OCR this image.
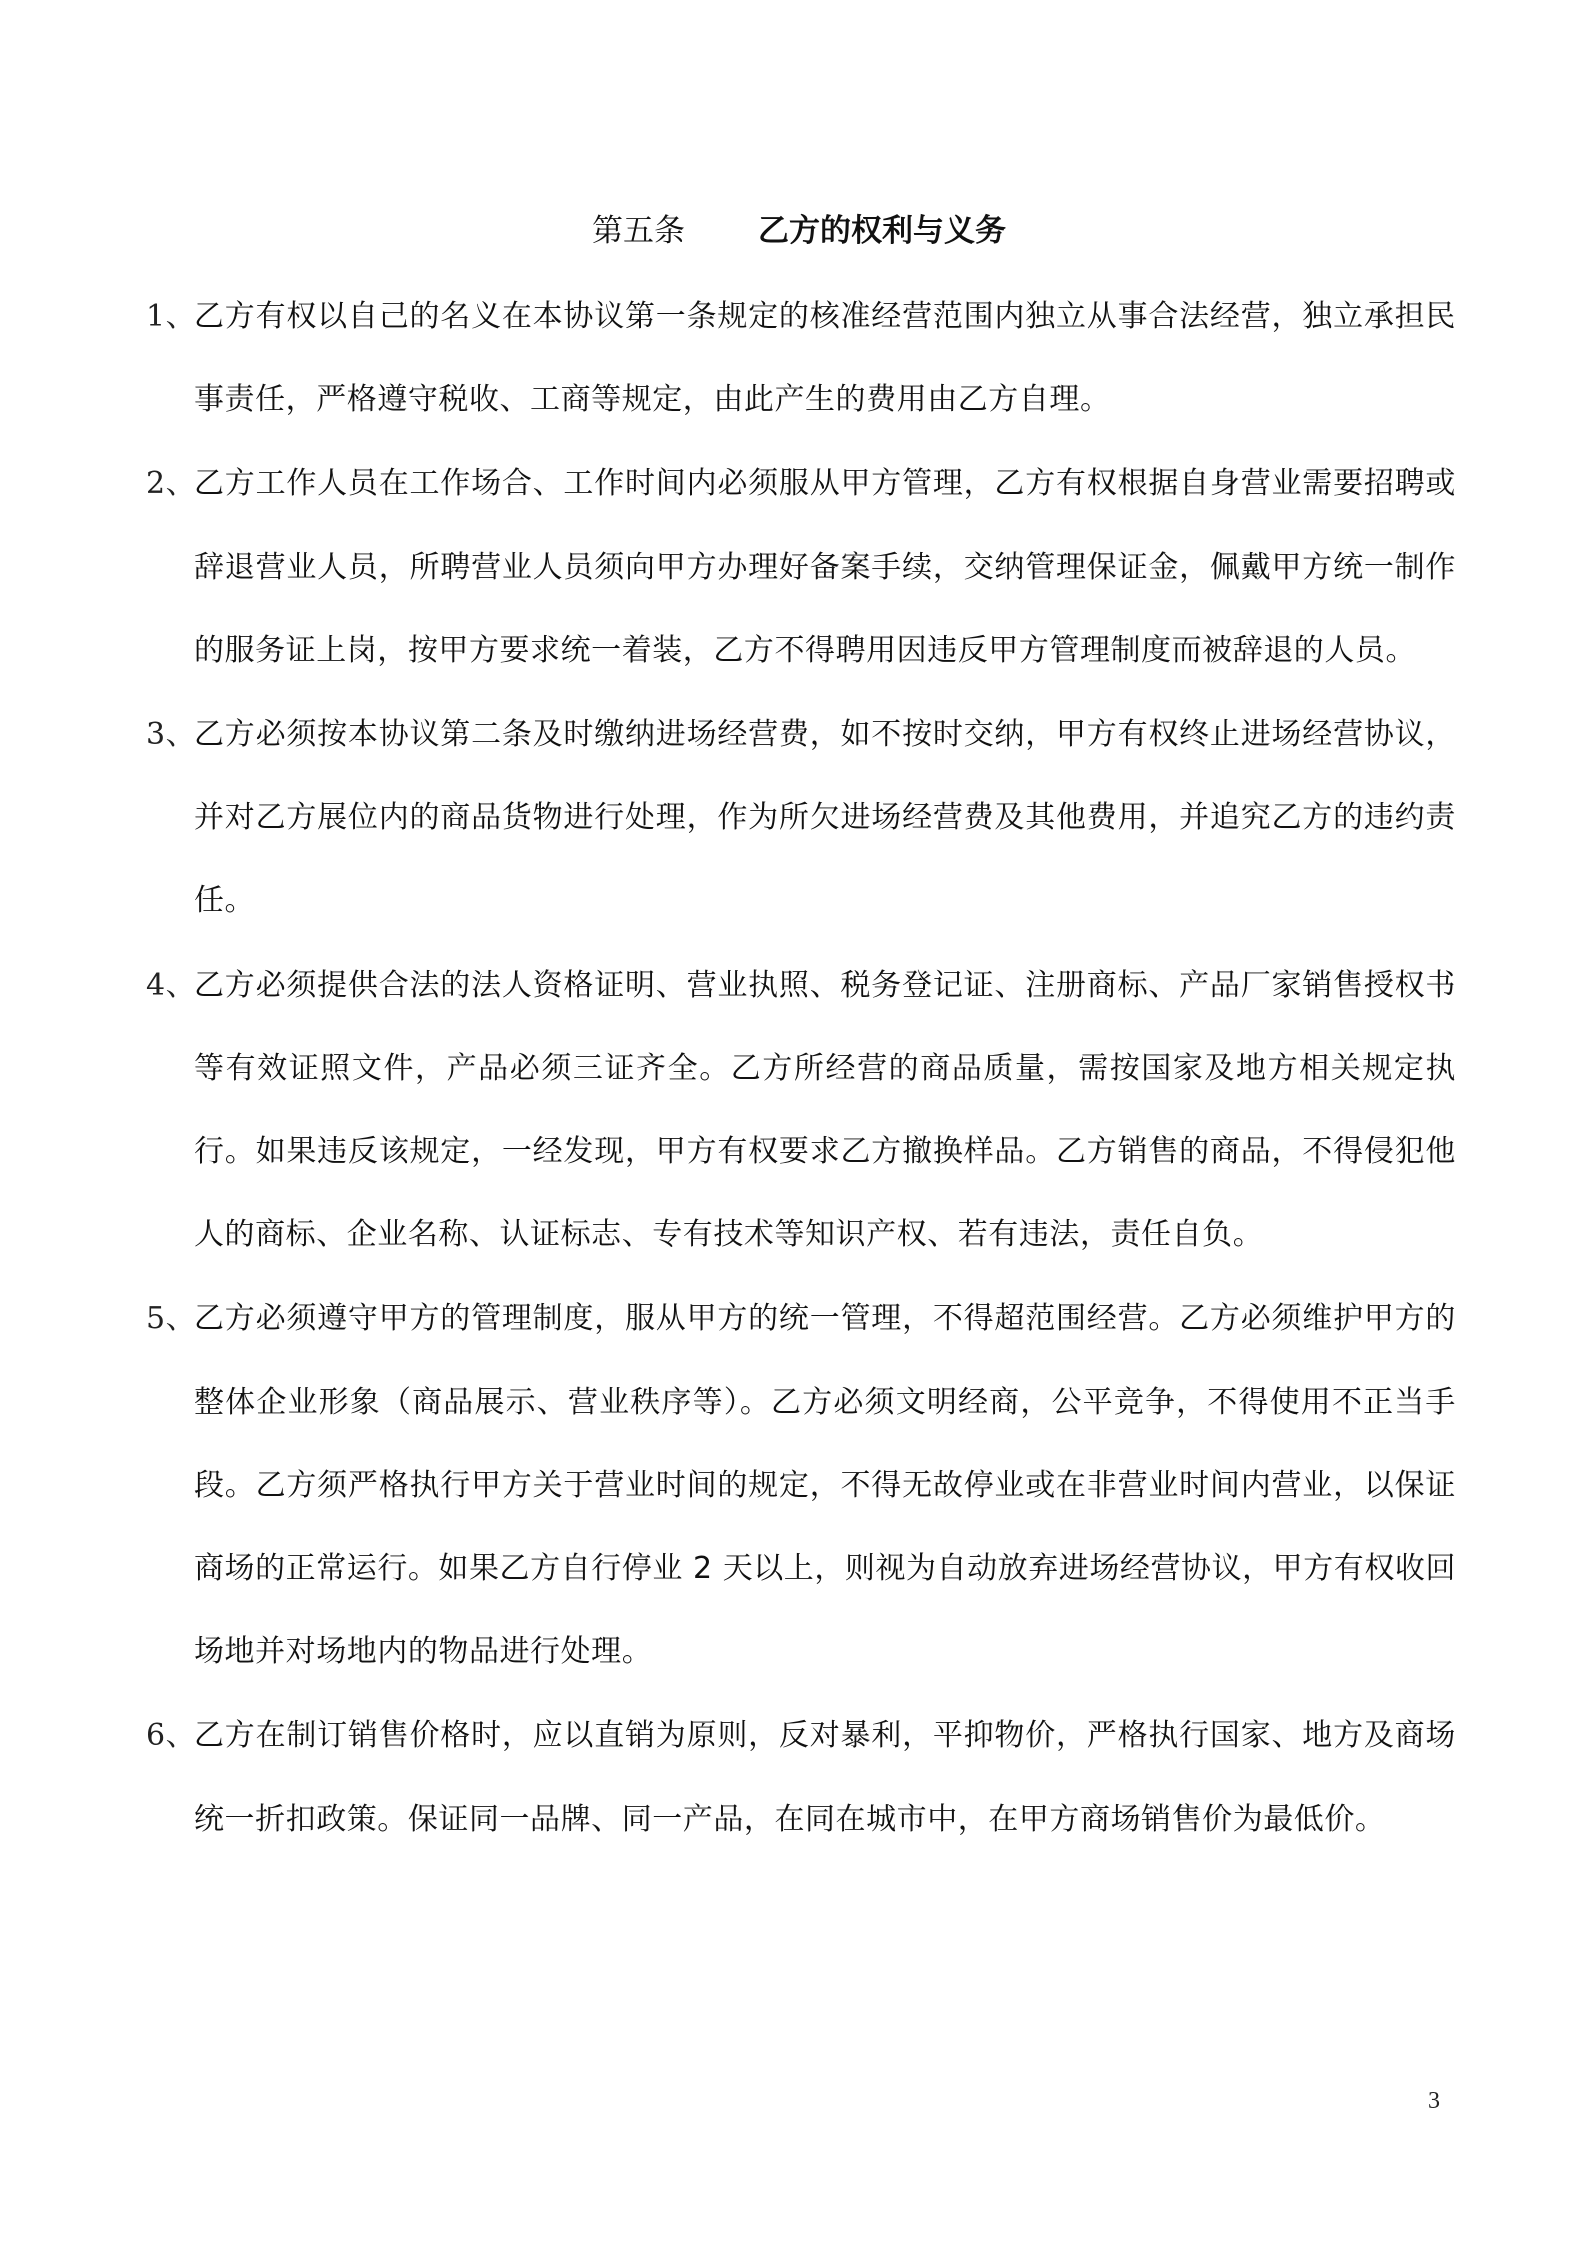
第五条 乙方的权利与义务
1、
乙方有权以自己的名义在本协议第一条规定的核准经营范围内独立从事合法经营，独立承担民事责任，严格遵守税收、工商等规定，由此产生的费用由乙方自理。
2、
乙方工作人员在工作场合、工作时间内必须服从甲方管理，乙方有权根据自身营业需要招聘或辞退营业人员，所聘营业人员须向甲方办理好备案手续，交纳管理保证金，佩戴甲方统一制作的服务证上岗，按甲方要求统一着装，乙方不得聘用因违反甲方管理制度而被辞退的人员。
3、
乙方必须按本协议第二条及时缴纳进场经营费，如不按时交纳，甲方有权终止进场经营协议，并对乙方展位内的商品货物进行处理，作为所欠进场经营费及其他费用，并追究乙方的违约责任。
4、
乙方必须提供合法的法人资格证明、营业执照、税务登记证、注册商标、产品厂家销售授权书等有效证照文件，产品必须三证齐全。乙方所经营的商品质量，需按国家及地方相关规定执行。如果违反该规定，一经发现，甲方有权要求乙方撤换样品。乙方销售的商品，不得侵犯他人的商标、企业名称、认证标志、专有技术等知识产权、若有违法，责任自负。
5、
乙方必须遵守甲方的管理制度，服从甲方的统一管理，不得超范围经营。乙方必须维护甲方的整体企业形象（商品展示、营业秩序等）。乙方必须文明经商，公平竞争，不得使用不正当手段。乙方须严格执行甲方关于营业时间的规定，不得无故停业或在非营业时间内营业，以保证商场的正常运行。如果乙方自行停业 2 天以上，则视为自动放弃进场经营协议，甲方有权收回场地并对场地内的物品进行处理。
6、
乙方在制订销售价格时，应以直销为原则，反对暴利，平抑物价，严格执行国家、地方及商场统一折扣政策。保证同一品牌、同一产品，在同在城市中，在甲方商场销售价为最低价。
3
